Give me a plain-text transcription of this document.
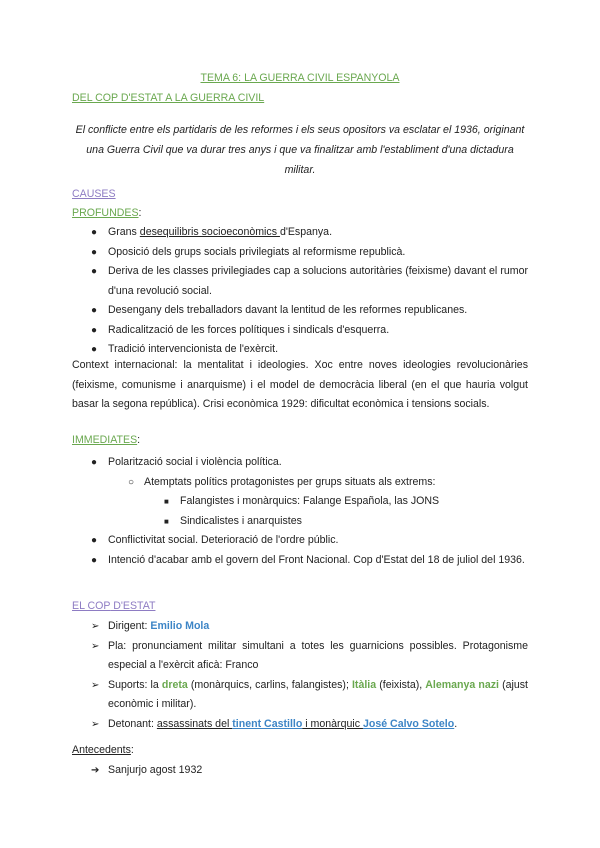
TEMA 6: LA GUERRA CIVIL ESPANYOLA
DEL COP D'ESTAT A LA GUERRA CIVIL
El conflicte entre els partidaris de les reformes i els seus opositors va esclatar el 1936, originant una Guerra Civil que va durar tres anys i que va finalitzar amb l'establiment d'una dictadura militar.
CAUSES
PROFUNDES:
● Grans desequilibris socioeconòmics d'Espanya.
● Oposició dels grups socials privilegiats al reformisme republicà.
● Deriva de les classes privilegiades cap a solucions autoritàries (feixisme) davant el rumor d'una revolució social.
● Desengany dels treballadors davant la lentitud de les reformes republicanes.
● Radicalització de les forces polítiques i sindicals d'esquerra.
● Tradició intervencionista de l'exèrcit.
Context internacional: la mentalitat i ideologies. Xoc entre noves ideologies revolucionàries (feixisme, comunisme i anarquisme) i el model de democràcia liberal (en el que hauria volgut basar la segona república). Crisi econòmica 1929: dificultat econòmica i tensions socials.
IMMEDIATES:
● Polarització social i violència política.
○ Atemptats polítics protagonistes per grups situats als extrems:
■ Falangistes i monàrquics: Falange Española, las JONS
■ Sindicalistes i anarquistes
● Conflictivitat social. Deterioració de l'ordre públic.
● Intenció d'acabar amb el govern del Front Nacional. Cop d'Estat del 18 de juliol del 1936.
EL COP D'ESTAT
➢ Dirigent: Emilio Mola
➢ Pla: pronunciament militar simultani a totes les guarnicions possibles. Protagonisme especial a l'exèrcit aficà: Franco
➢ Suports: la dreta (monàrquics, carlins, falangistes); Itàlia (feixista), Alemanya nazi (ajust econòmic i militar).
➢ Detonant: assassinats del tinent Castillo i monàrquic José Calvo Sotelo.
Antecedents:
➔ Sanjurjo agost 1932
